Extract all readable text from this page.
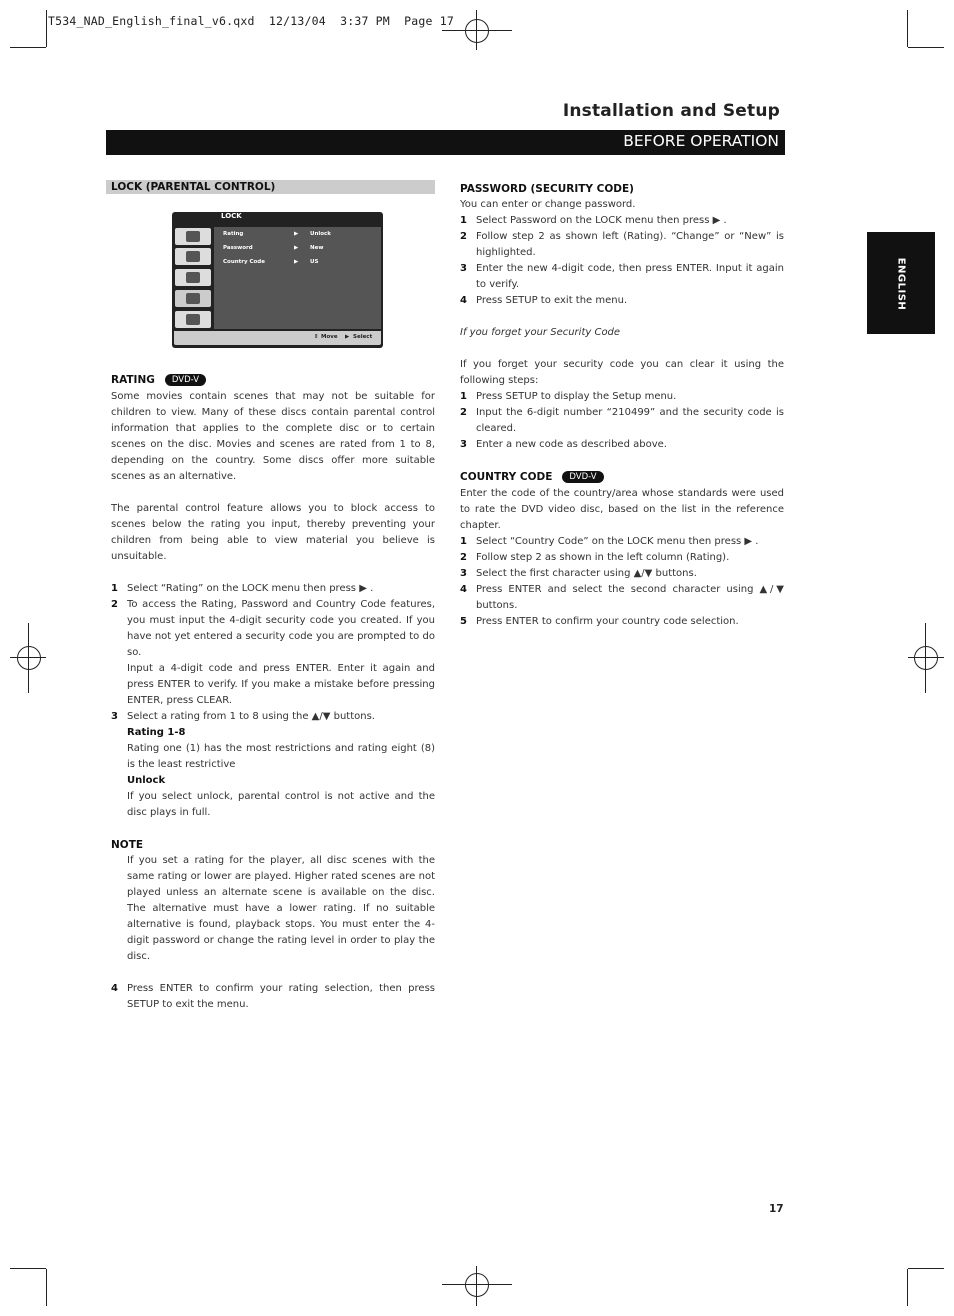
T534_NAD_English_final_v6.qxd  12/13/04  3:37 PM  Page 17
Installation and Setup
BEFORE OPERATION
ENGLISH
LOCK (PARENTAL CONTROL)
LOCK
Rating	▶ Unlock
Password	▶ New
Country Code	▶ US
⇕ Move ▶ Select
RATING DVD-V

Some movies contain scenes that may not be suitable for children to view. Many of these discs contain parental control information that applies to the complete disc or to certain scenes on the disc. Movies and scenes are rated from 1 to 8, depending on the country. Some discs offer more suitable scenes as an alternative.

The parental control feature allows you to block access to scenes below the rating you input, thereby preventing your children from being able to view material you believe is unsuitable.

1 Select “Rating” on the LOCK menu then press ▶ .
2 To access the Rating, Password and Country Code features, you must input the 4-digit security code you created. If you have not yet entered a security code you are prompted to do so.
Input a 4-digit code and press ENTER. Enter it again and press ENTER to verify. If you make a mistake before pressing ENTER, press CLEAR.
3 Select a rating from 1 to 8 using the ▲/▼ buttons.
Rating 1-8
Rating one (1) has the most restrictions and rating eight (8) is the least restrictive
Unlock
If you select unlock, parental control is not active and the disc plays in full.
NOTE
If you set a rating for the player, all disc scenes with the same rating or lower are played. Higher rated scenes are not played unless an alternate scene is available on the disc. The alternative must have a lower rating. If no suitable alternative is found, playback stops. You must enter the 4-digit password or change the rating level in order to play the disc.
4 Press ENTER to confirm your rating selection, then press SETUP to exit the menu.
PASSWORD (SECURITY CODE)
You can enter or change password.
1 Select Password on the LOCK menu then press ▶ .
2 Follow step 2 as shown left (Rating). “Change” or “New” is highlighted.
3 Enter the new 4-digit code, then press ENTER. Input it again to verify.
4 Press SETUP to exit the menu.
If you forget your Security Code

If you forget your security code you can clear it using the following steps:

1 Press SETUP to display the Setup menu.
2 Input the 6-digit number “210499” and the security code is cleared.
3 Enter a new code as described above.
COUNTRY CODE DVD-V

Enter the code of the country/area whose standards were used to rate the DVD video disc, based on the list in the reference chapter.

1 Select “Country Code” on the LOCK menu then press ▶ .
2 Follow step 2 as shown in the left column (Rating).
3 Select the first character using ▲/▼ buttons.
4 Press ENTER and select the second character using ▲/▼ buttons.
5 Press ENTER to confirm your country code selection.
17
